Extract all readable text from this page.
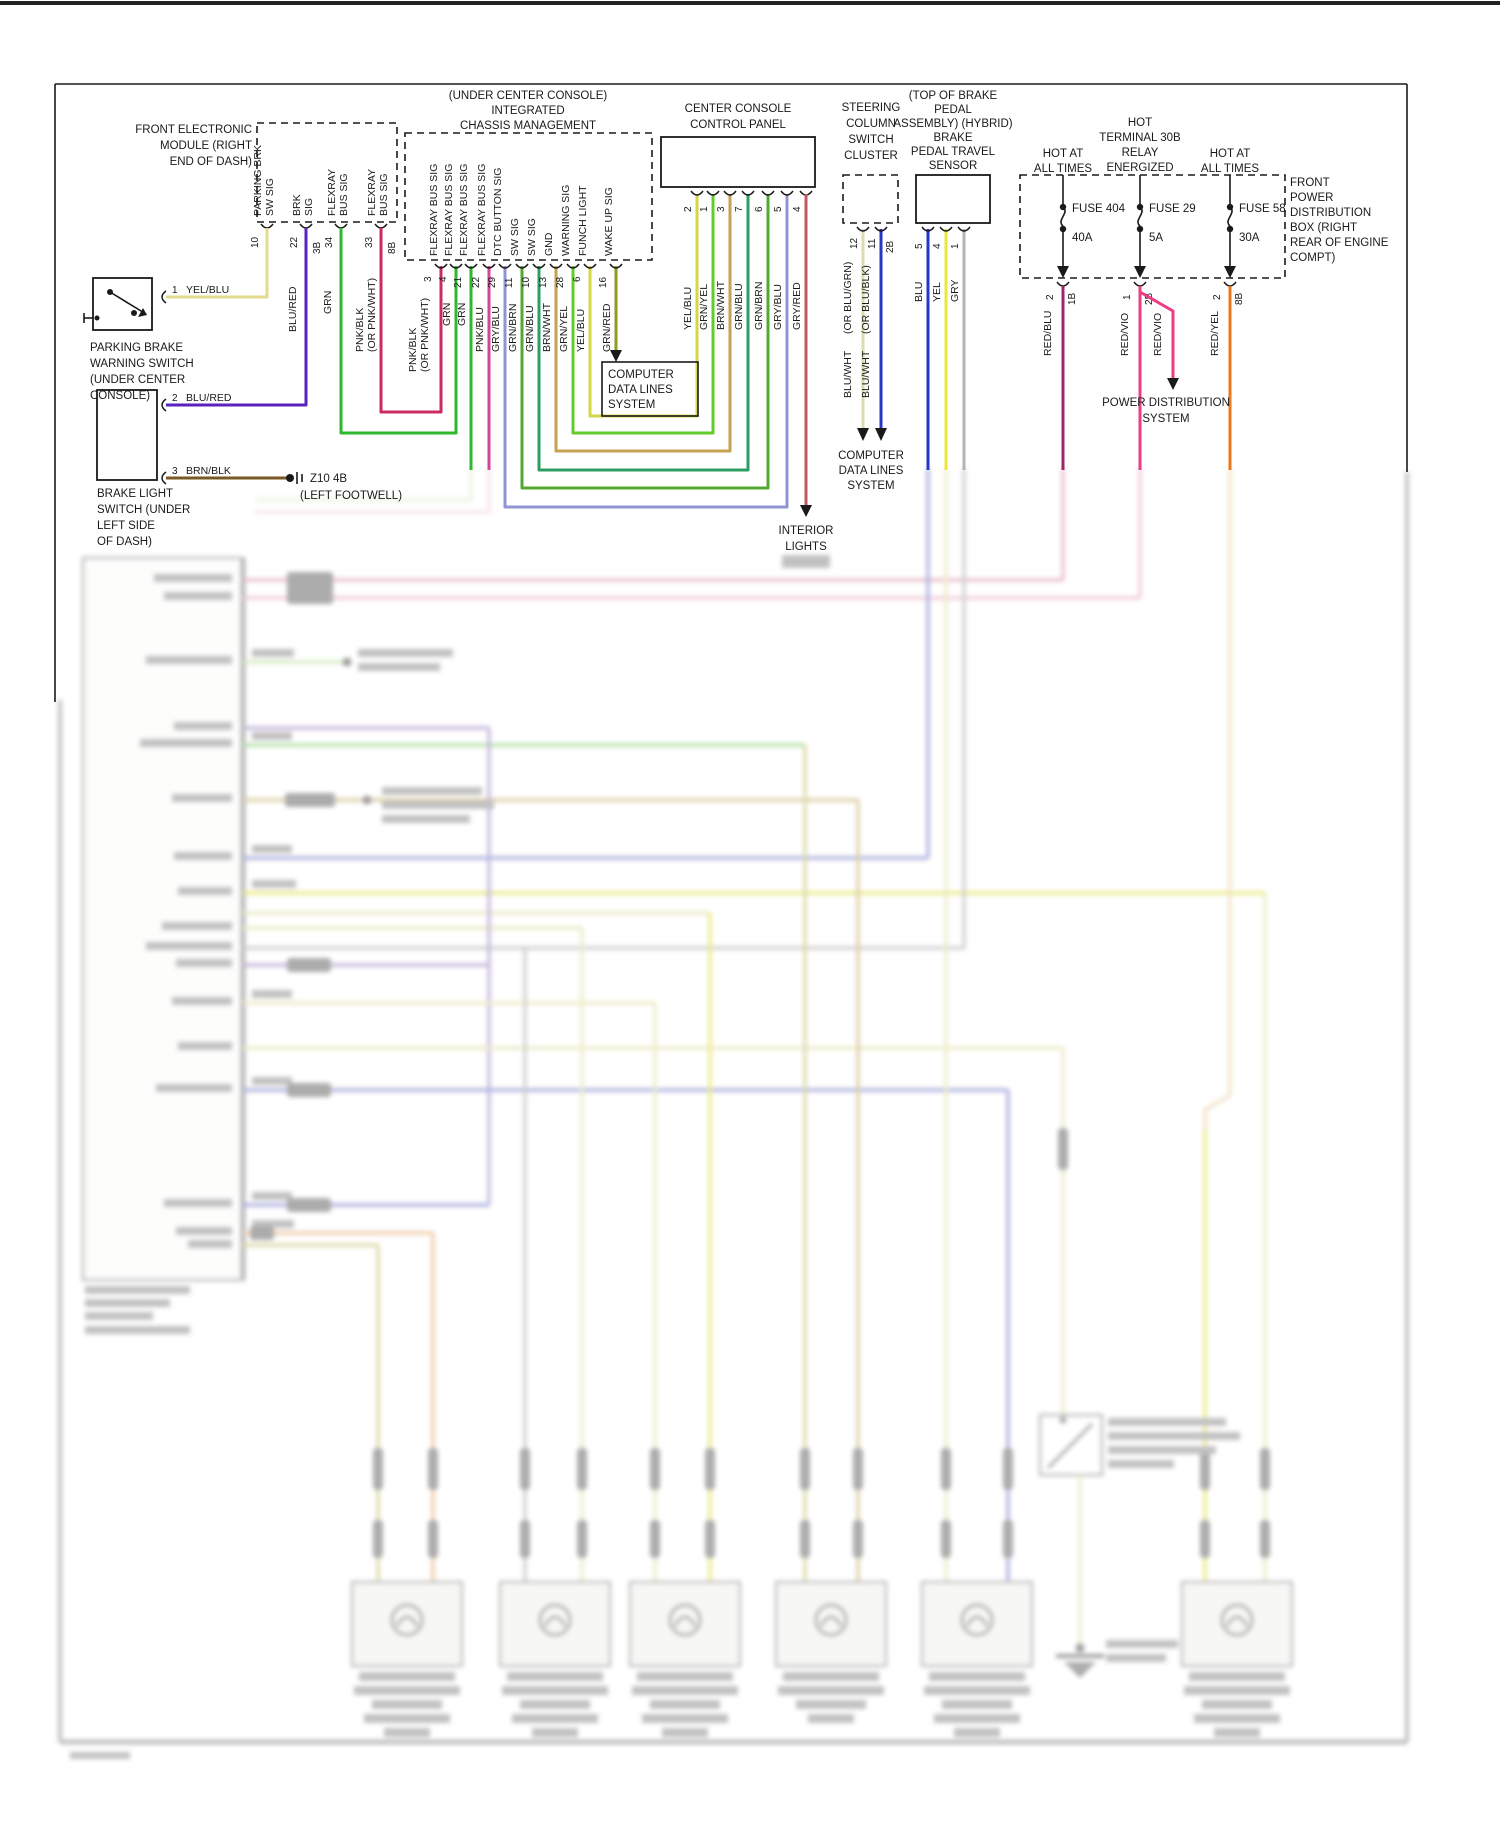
FRONT ELECTRONIC
MODULE (RIGHT
END OF DASH) PARKING BRK SW SIG BRK SIG FLEXRAY BUS SIG FLEXRAY BUS SIG
10	22 34	33
3B	8B
BLU/RED GRN
PNK/BLK (OR PNK/WHT)
1 YEL/BLU
PARKING BRAKE
WARNING SWITCH
(UNDER CENTER
CONSOLE) 2 BLU/RED
3 BRN/BLK
Z10 4B
(LEFT FOOTWELL)
BRAKE LIGHT
SWITCH (UNDER
LEFT SIDE
OF DASH)
(UNDER CENTER CONSOLE)
INTEGRATED
CHASSIS MANAGEMENT
FLEXRAY BUS SIG FLEXRAY BUS SIG FLEXRAY BUS SIG FLEXRAY BUS SIG DTC BUTTON SIG SW SIG SW SIG GND WARNING SIG FUNCH LIGHT WAKE UP SIG
3 4 21 22 29 11 10 13 28 6 16
PNK/BLK (OR PNK/WHT) GRN GRN PNK/BLU GRY/BLU GRN/BRN GRN/BLU BRN/WHT GRN/YEL YEL/BLU GRN/RED
COMPUTER
DATA LINES
SYSTEM
CENTER CONSOLE
CONTROL PANEL
2 1 3 7 6 5 4
YEL/BLU GRN/YEL BRN/WHT GRN/BLU GRN/BRN GRY/BLU GRY/RED
INTERIOR
LIGHTS
STEERING
COLUMN
SWITCH
CLUSTER
12 11 2B
(OR BLU/GRN) (OR BLU/BLK)
BLU/WHT BLU/WHT
COMPUTER
DATA LINES
SYSTEM
(TOP OF BRAKE
PEDAL
ASSEMBLY) (HYBRID)
BRAKE
PEDAL TRAVEL
SENSOR
5 4 1
BLU YEL GRY
HOT AT
ALL TIMES
HOT
TERMINAL 30B
RELAY
ENERGIZED
HOT AT
ALL TIMES
FRONT
POWER
DISTRIBUTION
BOX (RIGHT
REAR OF ENGINE
COMPT)
FUSE 404
40A
FUSE 29
5A
FUSE 58
30A
2 1B	1 2B	2 8B
RED/BLU	RED/VIO RED/VIO	RED/YEL
POWER DISTRIBUTION
SYSTEM
